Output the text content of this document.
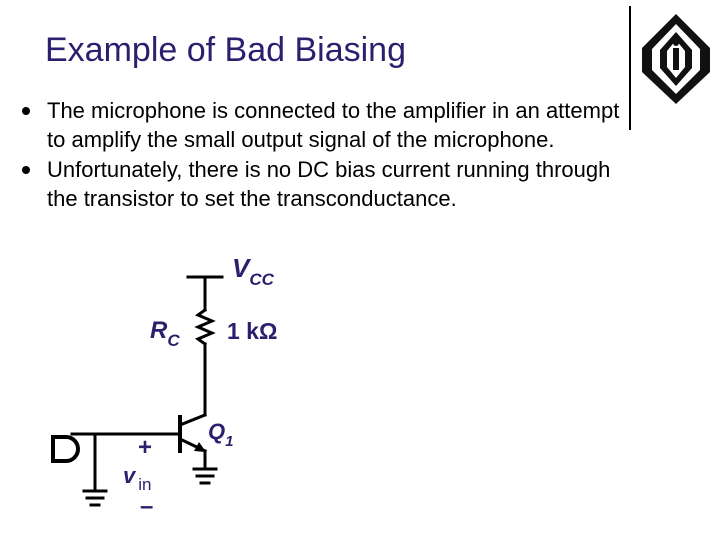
Example of Bad Biasing
The microphone is connected to the amplifier in an attempt to amplify the small output signal of the microphone.
Unfortunately, there is no DC bias current running through the transistor to set the transconductance.
$V_{CC}$
$R_C$ 1 kΩ
$Q_1$
+
v $_{in}$
–
